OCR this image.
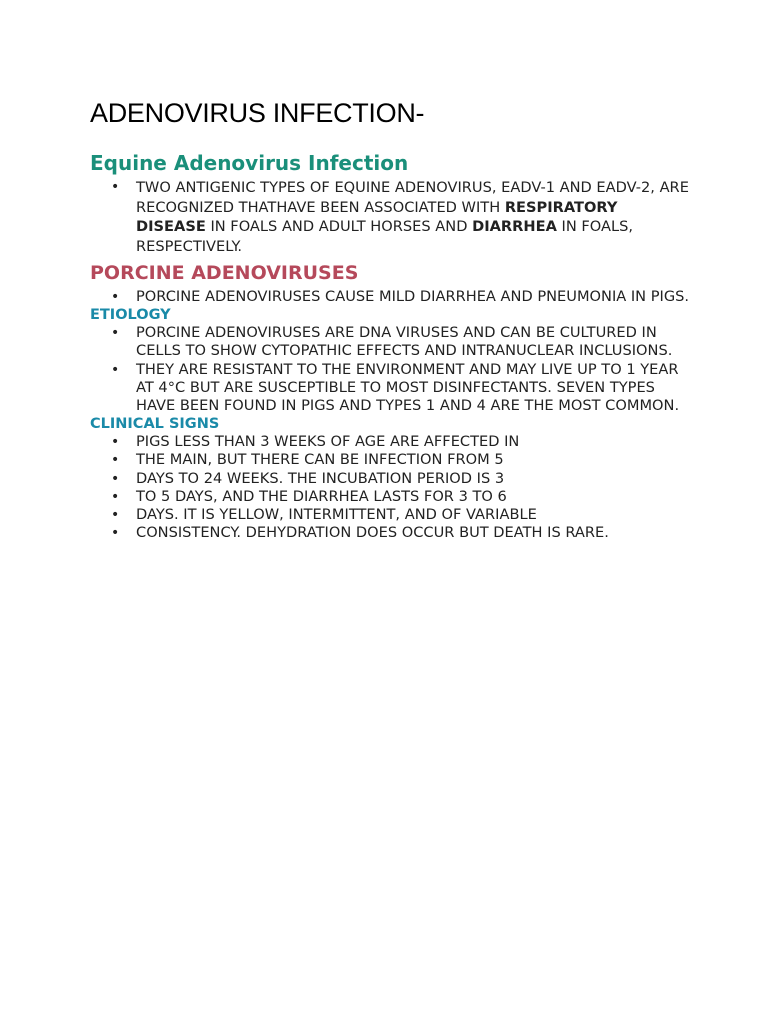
ADENOVIRUS INFECTION-
Equine Adenovirus Infection
• TWO ANTIGENIC TYPES OF EQUINE ADENOVIRUS, EADV-1 AND EADV-2, ARE RECOGNIZED THATHAVE BEEN ASSOCIATED WITH RESPIRATORY DISEASE IN FOALS AND ADULT HORSES AND DIARRHEA IN FOALS, RESPECTIVELY.
PORCINE ADENOVIRUSES
• PORCINE ADENOVIRUSES CAUSE MILD DIARRHEA AND PNEUMONIA IN PIGS.
ETIOLOGY
• PORCINE ADENOVIRUSES ARE DNA VIRUSES AND CAN BE CULTURED IN CELLS TO SHOW CYTOPATHIC EFFECTS AND INTRANUCLEAR INCLUSIONS.
• THEY ARE RESISTANT TO THE ENVIRONMENT AND MAY LIVE UP TO 1 YEAR AT 4°C BUT ARE SUSCEPTIBLE TO MOST DISINFECTANTS. SEVEN TYPES HAVE BEEN FOUND IN PIGS AND TYPES 1 AND 4 ARE THE MOST COMMON.
CLINICAL SIGNS
• PIGS LESS THAN 3 WEEKS OF AGE ARE AFFECTED IN
• THE MAIN, BUT THERE CAN BE INFECTION FROM 5
• DAYS TO 24 WEEKS. THE INCUBATION PERIOD IS 3
• TO 5 DAYS, AND THE DIARRHEA LASTS FOR 3 TO 6
• DAYS. IT IS YELLOW, INTERMITTENT, AND OF VARIABLE
• CONSISTENCY. DEHYDRATION DOES OCCUR BUT DEATH IS RARE.
